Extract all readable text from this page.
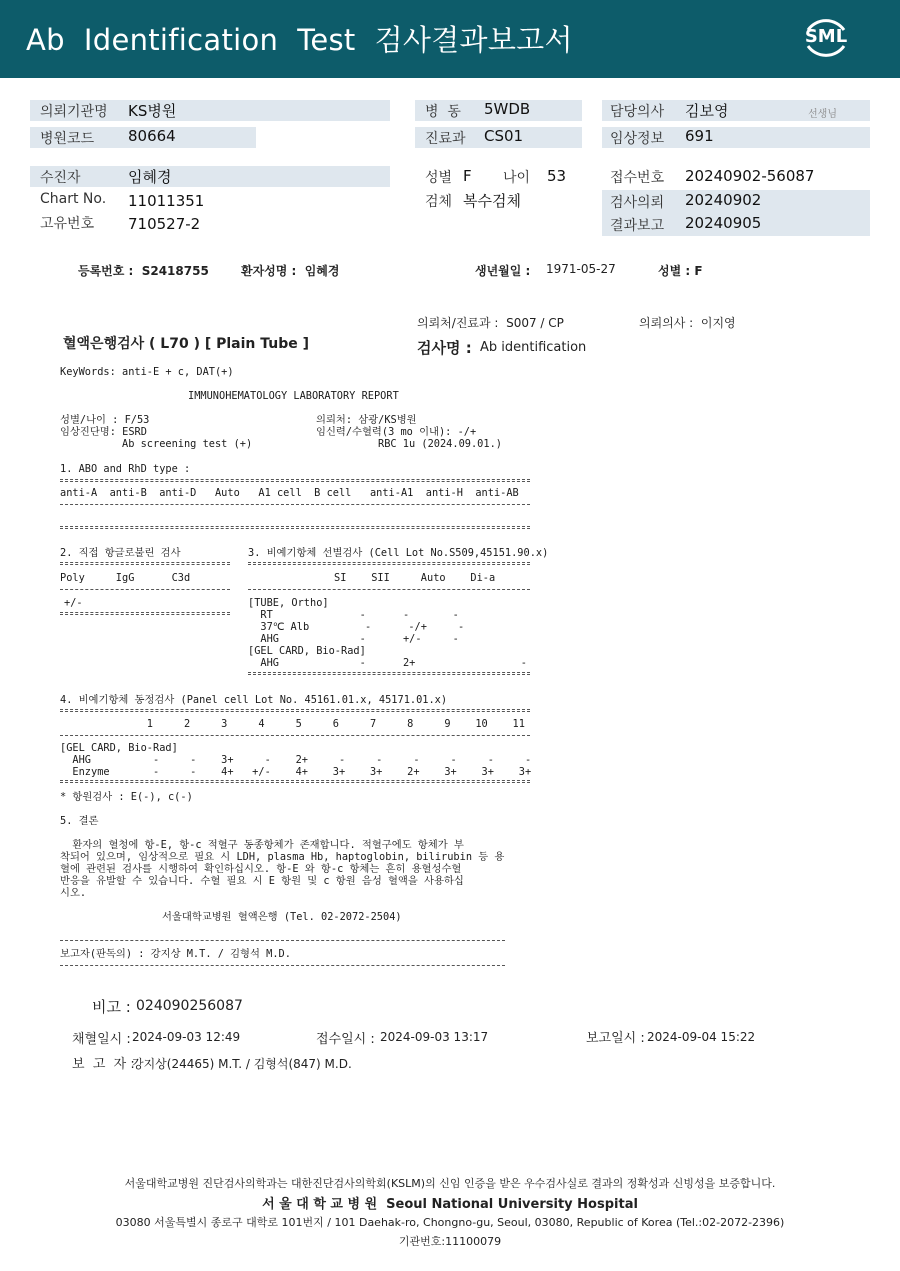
Ab  Identification  Test  검사결과보고서	SML
의뢰기관명 KS병원
병원코드 80664
병  동 5WDB
진료과 CS01
담당의사 김보영	선생님
임상정보 691
수진자	임혜경
Chart No. 11011351
고유번호 710527-2
성별 F 나이 53
검체 복수검체
접수번호 20240902-56087
검사의뢰 20240902
결과보고 20240905
등록번호 :  S2418755	환자성명 :  임혜경	생년월일 : 1971-05-27	성별 : F
의뢰처/진료과 :  S007 / CP	의뢰의사 :  이지영
혈액은행검사 ( L70 ) [ Plain Tube ]	검사명 : Ab identification
KeyWords: anti-E + c, DAT(+)
IMMUNOHEMATOLOGY LABORATORY REPORT
성별/나이 : F/53	의뢰처: 삼광/KS병원
임상진단명: ESRD
Ab screening test (+)
임신력/수혈력(3 mo 이내): -/+
RBC 1u (2024.09.01.)
1. ABO and RhD type :
anti-A  anti-B  anti-D   Auto   A1 cell  B cell   anti-A1  anti-H  anti-AB
2. 직접 항글로불린 검사
Poly     IgG      C3d
+/-
3. 비예기항체 선별검사 (Cell Lot No.S509,45151.90.x)
SI    SII     Auto    Di-a
[TUBE, Ortho]
RT              -      -       -
37℃ Alb         -      -/+     -
AHG             -      +/-     -
[GEL CARD, Bio-Rad]
AHG             -      2+                 -
4. 비예기항체 동정검사 (Panel cell Lot No. 45161.01.x, 45171.01.x)
1     2     3     4     5     6     7     8     9    10    11
[GEL CARD, Bio-Rad]
AHG          -     -    3+     -    2+     -     -     -     -     -     -
Enzyme       -     -    4+   +/-    4+    3+    3+    2+    3+    3+    3+
* 항원검사 : E(-), c(-)
5. 결론
환자의 혈청에 항-E, 항-c 적혈구 동종항체가 존재합니다. 적혈구에도 항체가 부
착되어 있으며, 임상적으로 필요 시 LDH, plasma Hb, haptoglobin, bilirubin 등 용
혈에 관련된 검사를 시행하여 확인하십시오. 항-E 와 항-c 항체는 흔히 용혈성수혈
반응을 유발할 수 있습니다. 수혈 필요 시 E 항원 및 c 항원 음성 혈액을 사용하십
시오.
서울대학교병원 혈액은행 (Tel. 02-2072-2504)
보고자(판독의) : 강지상 M.T. / 김형석 M.D.
비고 : 024090256087
채혈일시 : 2024-09-03 12:49	접수일시 : 2024-09-03 13:17	보고일시 : 2024-09-04 15:22
보  고  자 :
강지상(24465) M.T. / 김형석(847) M.D.
서울대학교병원 진단검사의학과는 대한진단검사의학회(KSLM)의 신임 인증을 받은 우수검사실로 결과의 정확성과 신빙성을 보증합니다.
서 울 대 학 교 병 원  Seoul National University Hospital
03080 서울특별시 종로구 대학로 101번지 / 101 Daehak-ro, Chongno-gu, Seoul, 03080, Republic of Korea (Tel.:02-2072-2396)
기관번호:11100079
